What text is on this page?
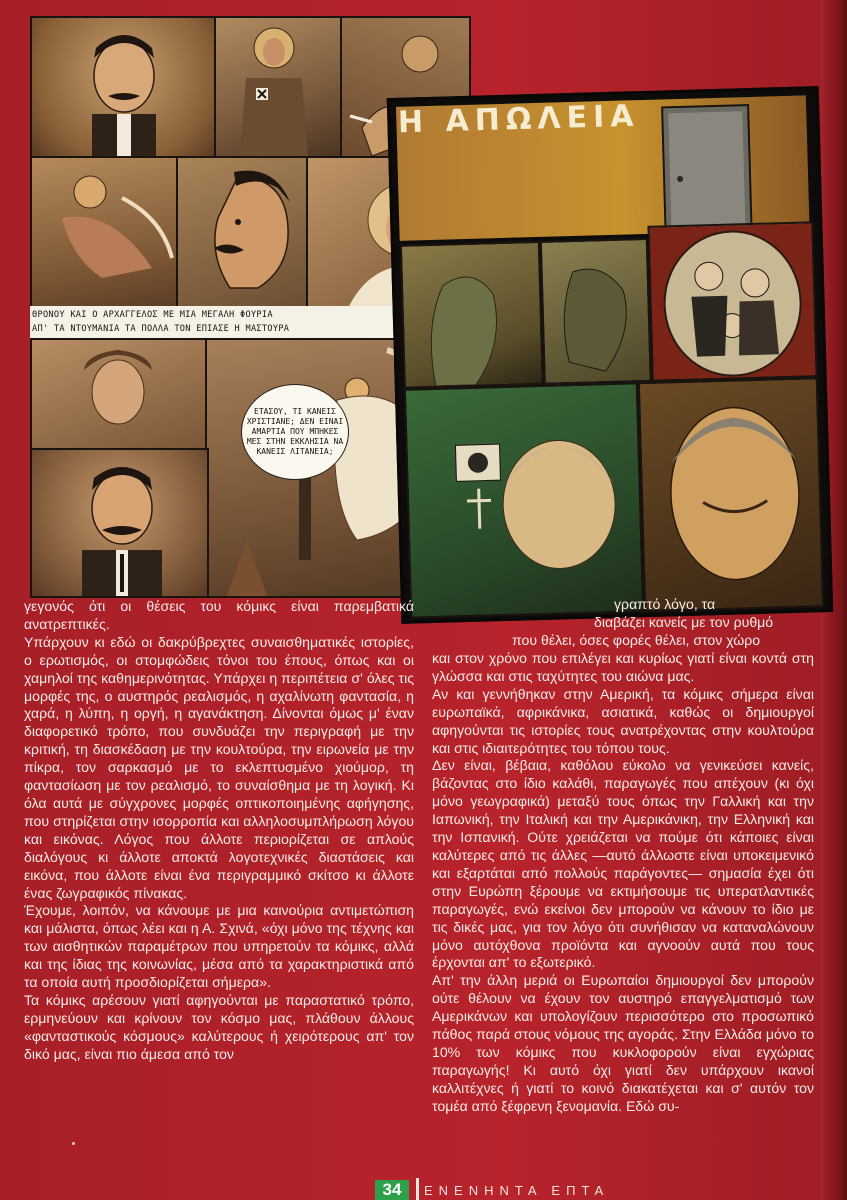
ΘΡΟΝΟΥ ΚΑΙ Ο ΑΡΧΑΓΓΕΛΟΣ ΜΕ ΜΙΑ ΜΕΓΑΛΗ ΦΟΥΡΙΑ
ΑΠ' ΤΑ ΝΤΟΥΜΑΝΙΑ ΤΑ ΠΟΛΛΑ ΤΟΝ ΕΠΙΑΣΕ Η ΜΑΣΤΟΥΡΑ
ΕΤΑΣΟΥ, ΤΙ ΚΑΝΕΙΣ ΧΡΙΣΤΙΑΝΕ; ΔΕΝ ΕΙΝΑΙ ΑΜΑΡΤΙΑ ΠΟΥ ΜΠΗΚΕΣ ΜΕΣ ΣΤΗΝ ΕΚΚΛΗΣΙΑ ΝΑ ΚΑΝΕΙΣ ΛΙΤΑΝΕΙΑ;
Η ΑΠΩΛΕΙΑ
γραπτό λόγο, τα
διαβάζει κανείς με τον ρυθμό
που θέλει, όσες φορές θέλει, στον χώρο

γεγονός ότι οι θέσεις του κόμικς είναι παρεμβατικά ανατρεπτικές.

Υπάρχουν κι εδώ οι δακρύβρεχτες συναισθηματικές ιστορίες, ο ερωτισμός, οι στομφώδεις τόνοι του έπους, όπως και οι χαμηλοί της καθημερινότητας. Υπάρχει η περιπέτεια σ' όλες τις μορφές της, ο αυστηρός ρεαλισμός, η αχαλίνωτη φαντασία, η χαρά, η λύπη, η οργή, η αγανάκτηση. Δίνονται όμως μ' έναν διαφορετικό τρόπο, που συνδυάζει την περιγραφή με την κριτική, τη διασκέδαση με την κουλτούρα, την ειρωνεία με την πίκρα, τον σαρκασμό με το εκλεπτυσμένο χιούμορ, τη φαντασίωση με τον ρεαλισμό, το συναίσθημα με τη λογική. Κι όλα αυτά με σύγχρονες μορφές οπτικοποιημένης αφήγησης, που στηρίζεται στην ισορροπία και αλληλοσυμπλήρωση λόγου και εικόνας. Λόγος που άλλοτε περιορίζεται σε απλούς διαλόγους κι άλλοτε αποκτά λογοτεχνικές διαστάσεις και εικόνα, που άλλοτε είναι ένα περιγραμμικό σκίτσο κι άλλοτε ένας ζωγραφικός πίνακας.

Έχουμε, λοιπόν, να κάνουμε με μια καινούρια αντιμετώπιση και μάλιστα, όπως λέει και η Α. Σχινά, «όχι μόνο της τέχνης και των αισθητικών παραμέτρων που υπηρετούν τα κόμικς, αλλά και της ίδιας της κοινωνίας, μέσα από τα χαρακτηριστικά από τα οποία αυτή προσδιορίζεται σήμερα».

Τα κόμικς αρέσουν γιατί αφηγούνται με παραστατικό τρόπο, ερμηνεύουν και κρίνουν τον κόσμο μας, πλάθουν άλλους «φανταστικούς κόσμους» καλύτερους ή χειρότερους απ' τον δικό μας, είναι πιο άμεσα από τον

και στον χρόνο που επιλέγει και κυρίως γιατί είναι κοντά στη γλώσσα και στις ταχύτητες του αιώνα μας.

Αν και γεννήθηκαν στην Αμερική, τα κόμικς σήμερα είναι ευρωπαϊκά, αφρικάνικα, ασιατικά, καθώς οι δημιουργοί αφηγούνται τις ιστορίες τους ανατρέχοντας στην κουλτούρα και στις ιδιαιτερότητες του τόπου τους.

Δεν είναι, βέβαια, καθόλου εύκολο να γενικεύσει κανείς, βάζοντας στο ίδιο καλάθι, παραγωγές που απέχουν (κι όχι μόνο γεωγραφικά) μεταξύ τους όπως την Γαλλική και την Ιαπωνική, την Ιταλική και την Αμερικάνικη, την Ελληνική και την Ισπανική. Ούτε χρειάζεται να πούμε ότι κάποιες είναι καλύτερες από τις άλλες —αυτό άλλωστε είναι υποκειμενικό και εξαρτάται από πολλούς παράγοντες— σημασία έχει ότι στην Ευρώπη ξέρουμε να εκτιμήσουμε τις υπερατλαντικές παραγωγές, ενώ εκείνοι δεν μπορούν να κάνουν το ίδιο με τις δικές μας, για τον λόγο ότι συνήθισαν να καταναλώνουν μόνο αυτόχθονα προϊόντα και αγνοούν αυτά που τους έρχονται απ' το εξωτερικό.

Απ' την άλλη μεριά οι Ευρωπαίοι δημιουργοί δεν μπορούν ούτε θέλουν να έχουν τον αυστηρό επαγγελματισμό των Αμερικάνων και υπολογίζουν περισσότερο στο προσωπικό πάθος παρά στους νόμους της αγοράς. Στην Ελλάδα μόνο το 10% των κόμικς που κυκλοφορούν είναι εγχώριας παραγωγής! Κι αυτό όχι γιατί δεν υπάρχουν ικανοί καλλιτέχνες ή γιατί το κοινό διακατέχεται και σ' αυτόν τον τομέα από ξέφρενη ξενομανία. Εδώ συ-

34	ΕΝΕΝΗΝΤΑ ΕΠΤΑ
